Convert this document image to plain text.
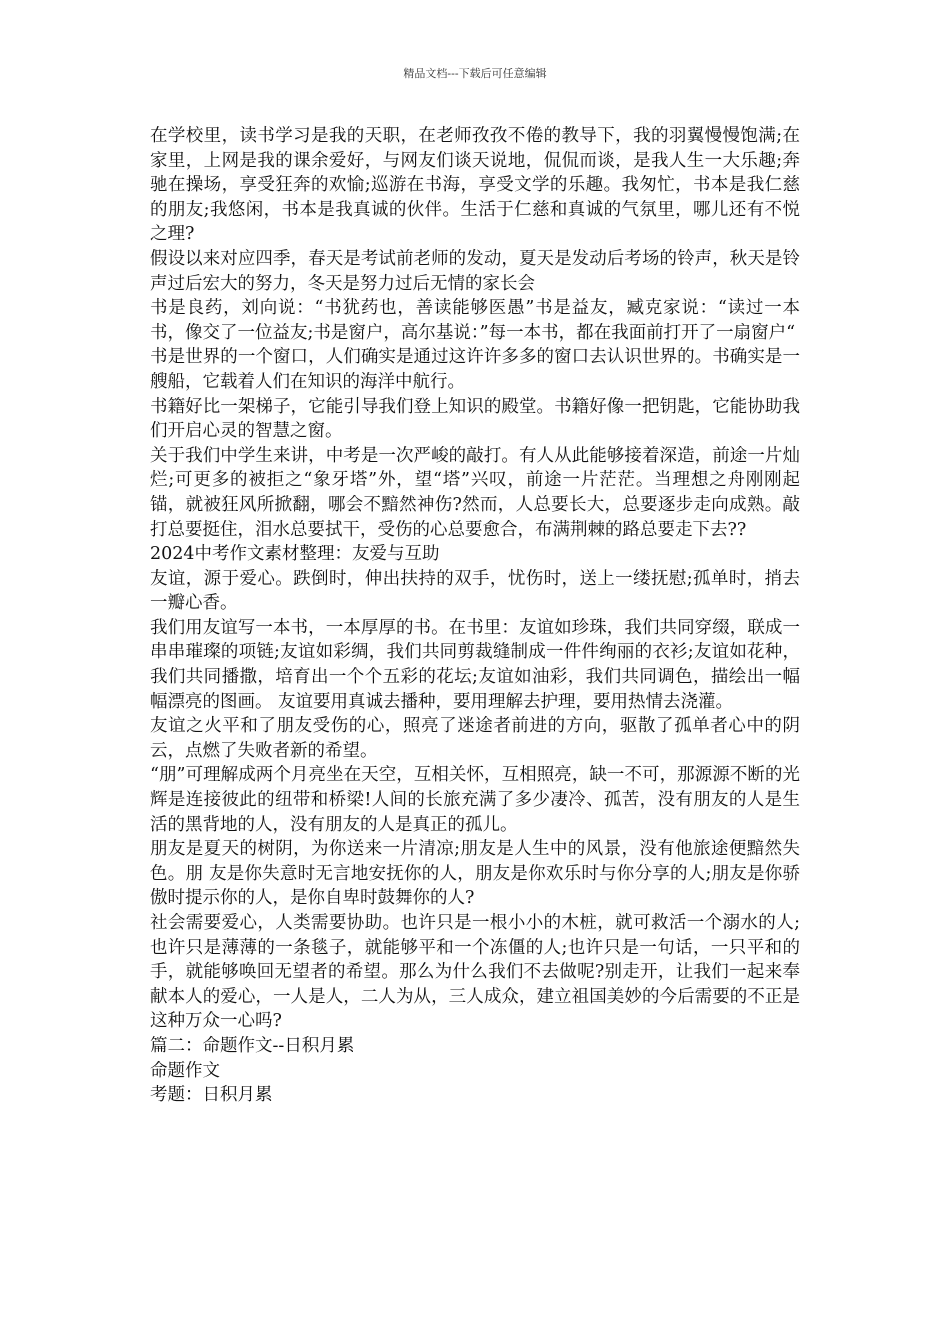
精品文档---下载后可任意编辑

在学校里，读书学习是我的天职，在老师孜孜不倦的教导下，我的羽翼慢慢饱满;在家里，上网是我的课余爱好，与网友们谈天说地，侃侃而谈，是我人生一大乐趣;奔驰在操场，享受狂奔的欢愉;巡游在书海，享受文学的乐趣。我匆忙，书本是我仁慈的朋友;我悠闲，书本是我真诚的伙伴。生活于仁慈和真诚的气氛里，哪儿还有不悦之理?

假设以来对应四季，春天是考试前老师的发动，夏天是发动后考场的铃声，秋天是铃声过后宏大的努力，冬天是努力过后无情的家长会

书是良药，刘向说：“书犹药也，善读能够医愚”书是益友，臧克家说：“读过一本书，像交了一位益友;书是窗户，高尔基说：”每一本书，都在我面前打开了一扇窗户“

书是世界的一个窗口，人们确实是通过这许许多多的窗口去认识世界的。书确实是一艘船，它载着人们在知识的海洋中航行。

书籍好比一架梯子，它能引导我们登上知识的殿堂。书籍好像一把钥匙，它能协助我们开启心灵的智慧之窗。

关于我们中学生来讲，中考是一次严峻的敲打。有人从此能够接着深造，前途一片灿烂;可更多的被拒之“象牙塔”外，望“塔”兴叹，前途一片茫茫。当理想之舟刚刚起锚，就被狂风所掀翻，哪会不黯然神伤?然而，人总要长大，总要逐步走向成熟。敲打总要挺住，泪水总要拭干，受伤的心总要愈合，布满荆棘的路总要走下去??

2024中考作文素材整理：友爱与互助

友谊，源于爱心。跌倒时，伸出扶持的双手，忧伤时，送上一缕抚慰;孤单时，捎去一瓣心香。

我们用友谊写一本书，一本厚厚的书。在书里：友谊如珍珠，我们共同穿缀，联成一串串璀璨的项链;友谊如彩绸，我们共同剪裁缝制成一件件绚丽的衣衫;友谊如花种，我们共同播撒，培育出一个个五彩的花坛;友谊如油彩，我们共同调色，描绘出一幅幅漂亮的图画。 友谊要用真诚去播种，要用理解去护理，要用热情去浇灌。

友谊之火平和了朋友受伤的心，照亮了迷途者前进的方向，驱散了孤单者心中的阴云，点燃了失败者新的希望。

“朋”可理解成两个月亮坐在天空，互相关怀，互相照亮，缺一不可，那源源不断的光辉是连接彼此的纽带和桥梁!人间的长旅充满了多少凄冷、孤苦，没有朋友的人是生活的黑背地的人，没有朋友的人是真正的孤儿。

朋友是夏天的树阴，为你送来一片清凉;朋友是人生中的风景，没有他旅途便黯然失色。朋 友是你失意时无言地安抚你的人，朋友是你欢乐时与你分享的人;朋友是你骄傲时提示你的人，是你自卑时鼓舞你的人?

社会需要爱心，人类需要协助。也许只是一根小小的木桩，就可救活一个溺水的人;也许只是薄薄的一条毯子，就能够平和一个冻僵的人;也许只是一句话，一只平和的手，就能够唤回无望者的希望。那么为什么我们不去做呢?别走开，让我们一起来奉献本人的爱心，一人是人，二人为从，三人成众，建立祖国美妙的今后需要的不正是这种万众一心吗?

篇二：命题作文--日积月累

命题作文

考题：日积月累
